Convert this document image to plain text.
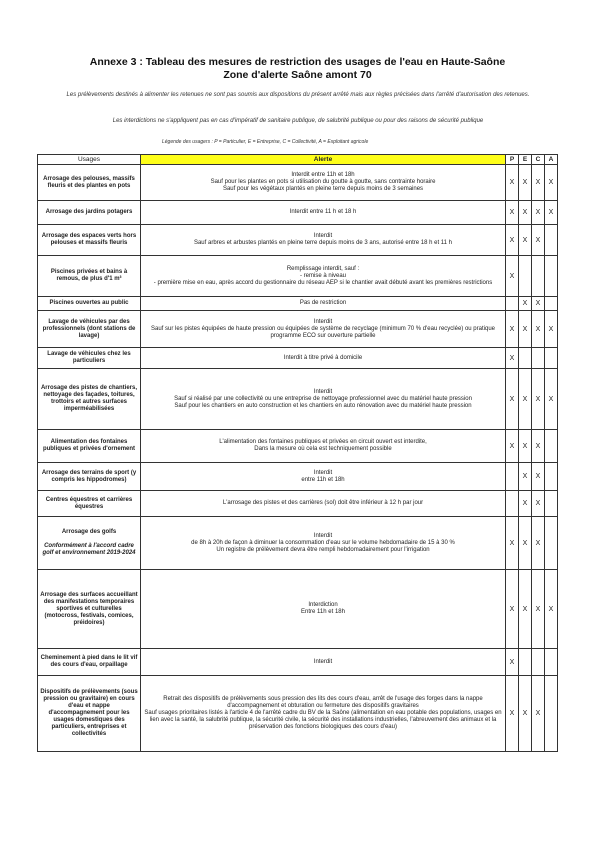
Annexe 3 : Tableau des mesures de restriction des usages de l'eau en Haute-Saône
Zone d'alerte Saône amont 70
Les prélèvements destinés à alimenter les retenues ne sont pas soumis aux dispositions du présent arrêté mais aux règles précisées dans l'arrêté d'autorisation des retenues.
Les interdictions ne s'appliquent pas en cas d'impératif de sanitaire publique, de salubrité publique ou pour des raisons de sécurité publique
Légende des usagers : P = Particulier, E = Entreprise, C = Collectivité, A = Exploitant agricole
Usages	Alerte	P	E	C	A
Arrosage des pelouses, massifs fleuris et des plantes en pots	Interdit entre 11h et 18h
Sauf pour les plantes en pots si utilisation du goutte à goutte, sans contrainte horaire
Sauf pour les végétaux plantés en pleine terre depuis moins de 3 semaines	X	X	X	X
Arrosage des jardins potagers	Interdit entre 11 h et 18 h	X	X	X	X
Arrosage des espaces verts hors pelouses et massifs fleuris	Interdit
Sauf arbres et arbustes plantés en pleine terre depuis moins de 3 ans, autorisé entre 18 h et 11 h	X	X	X	
Piscines privées et bains à remous, de plus d'1 m³	Remplissage interdit, sauf :
- remise à niveau
- première mise en eau, après accord du gestionnaire du réseau AEP si le chantier avait débuté avant les premières restrictions	X			
Piscines ouvertes au public	Pas de restriction		X	X	
Lavage de véhicules par des professionnels (dont stations de lavage)	Interdit
Sauf sur les pistes équipées de haute pression ou équipées de système de recyclage (minimum 70 % d'eau recyclée) ou pratique programme ECO sur ouverture partielle	X	X	X	X
Lavage de véhicules chez les particuliers	Interdit à titre privé à domicile	X			
Arrosage des pistes de chantiers, nettoyage des façades, toitures, trottoirs et autres surfaces imperméabilisées	Interdit
Sauf si réalisé par une collectivité ou une entreprise de nettoyage professionnel avec du matériel haute pression
Sauf pour les chantiers en auto construction et les chantiers en auto rénovation avec du matériel haute pression	X	X	X	X
Alimentation des fontaines publiques et privées d'ornement	L'alimentation des fontaines publiques et privées en circuit ouvert est interdite,
Dans la mesure où cela est techniquement possible	X	X	X	
Arrosage des terrains de sport (y compris les hippodromes)	Interdit
entre 11h et 18h		X	X	
Centres équestres et carrières équestres	L'arrosage des pistes et des carrières (sol) doit être inférieur à 12 h par jour		X	X	
Arrosage des golfs

Conformément à l'accord cadre golf et environnement 2019-2024	Interdit
de 8h à 20h de façon à diminuer la consommation d'eau sur le volume hebdomadaire de 15 à 30 %
Un registre de prélèvement devra être rempli hebdomadairement pour l'irrigation	X	X	X	
Arrosage des surfaces accueillant des manifestations temporaires sportives et culturelles (motocross, festivals, comices, préidoires)	Interdiction
Entre 11h et 18h	X	X	X	X
Cheminement à pied dans le lit vif des cours d'eau, orpaillage	Interdit	X			
Dispositifs de prélèvements (sous pression ou gravitaire) en cours d'eau et nappe d'accompagnement pour les usages domestiques des particuliers, entreprises et collectivités	Retrait des dispositifs de prélèvements sous pression des lits des cours d'eau, arrêt de l'usage des forges dans la nappe d'accompagnement et obturation ou fermeture des dispositifs gravitaires
Sauf usages prioritaires listés à l'article 4 de l'arrêté cadre du BV de la Saône (alimentation en eau potable des populations, usages en lien avec la santé, la salubrité publique, la sécurité civile, la sécurité des installations industrielles, l'abreuvement des animaux et la préservation des fonctions biologiques des cours d'eau)	X	X	X	
